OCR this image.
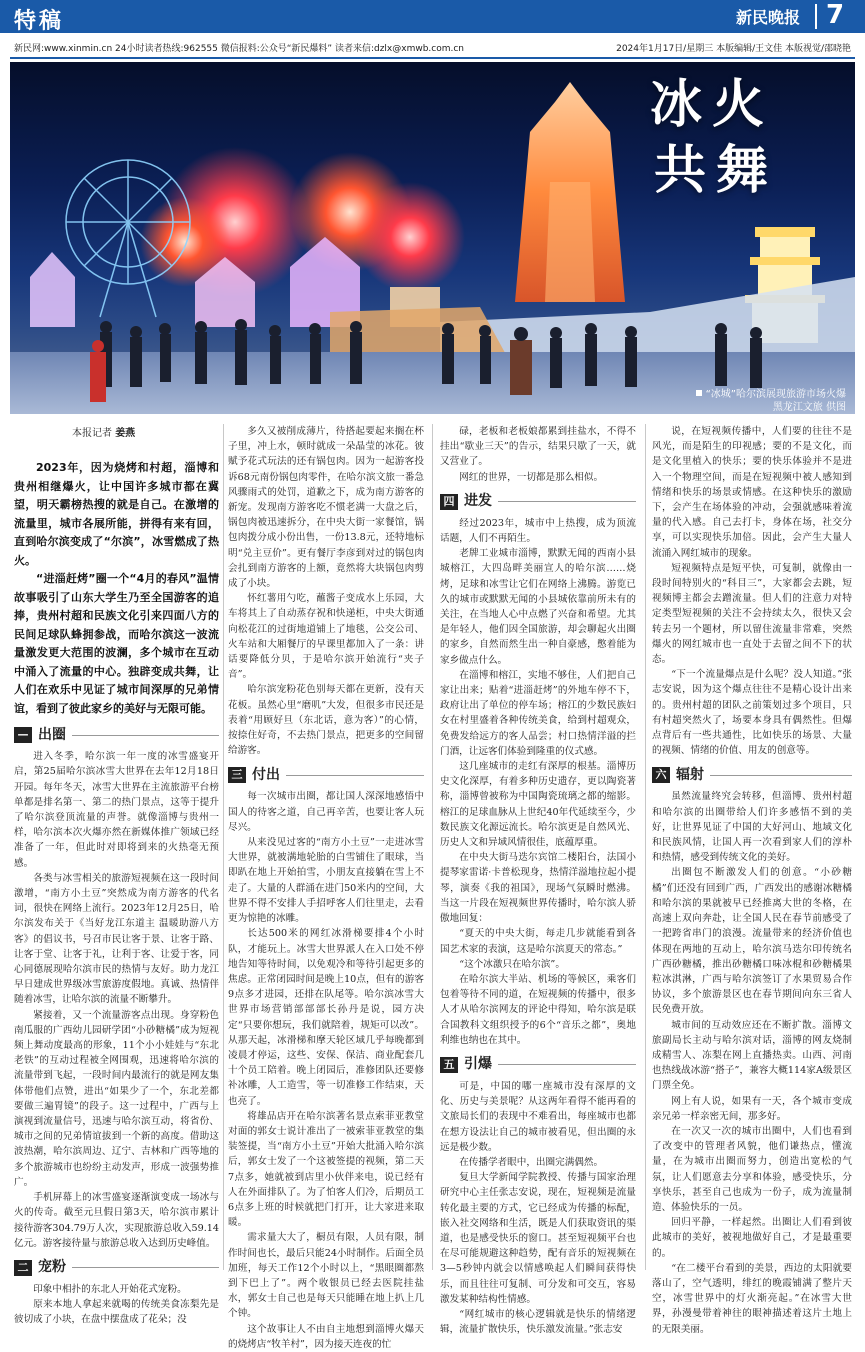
特稿	新民晚报 7
新民网:www.xinmin.cn 24小时读者热线:962555 微信报料:公众号“新民爆料” 读者来信:dzlx@xmwb.com.cn	2024年1月17日/星期三 本版编辑/王文佳 本版视觉/邵晓艳
冰火
共舞
“冰城”哈尔滨展现旅游市场火爆
黑龙江文旅 供图
本报记者 姜燕

2023年，因为烧烤和村超，淄博和贵州相继爆火，让中国许多城市都在冀望，明天霸榜热搜的就是自己。在激增的流量里，城市各展所能，拼得有来有回，直到哈尔滨变成了“尔滨”，冰雪燃成了热火。

“进淄赶烤”圈一个“4月的春风”温情故事吸引了山东大学生乃至全国游客的追捧，贵州村超和民族文化引来四面八方的民间足球队蜂拥参战，而哈尔滨这一波流量激发更大范围的波澜，多个城市在互动中涌入了流量的中心。独辟变成共舞，让人们在欢乐中见证了城市间深厚的兄弟情谊，看到了彼此家乡的美好与无限可能。

— 出圈

进入冬季，哈尔滨一年一度的冰雪盛宴开启，第25届哈尔滨冰雪大世界在去年12月18日开园。每年冬天，冰雪大世界在主流旅游平台榜单都是排名第一、第二的热门景点，这等于提升了哈尔滨登顶流量的声誉。就像淄博与贵州一样，哈尔滨本次火爆亦然在新媒体推广领域已经准备了一年，但此时对即将到来的火热毫无预感。

各类与冰雪相关的旅游短视频在这一段时间激增，“南方小土豆”突然成为南方游客的代名词，很快在网络上流行。2023年12月25日，哈尔滨发布关于《当好龙江东道主 温暖助游八方客》的倡议书，号召市民让客于景、让客于路、让客于堂、让客于礼，让利于客、让爱于客，同心同德展现哈尔滨市民的热情与友好。助力龙江早日建成世界级冰雪旅游度假地。真诚、热情伴随着冰雪，让哈尔滨的流量不断攀升。

紧接着，又一个流量游客点出现。身穿粉色南瓜服的广西幼儿园研学团“小砂糖橘”成为短视频上舞动度最高的形象，11个小小娃娃与“东北老铁”的互动过程被全网围观，迅速将哈尔滨的流量带到飞起，一段时间内最流行的就是网友集体带他们点赞，进出“如果少了一个，东北差都要做三遍胃镜”的段子。这一过程中，广西与上演视到流量信号，迅速与哈尔滨互动，将省份、城市之间的兄弟情谊拔到一个新的高度。借助这波热潮，哈尔滨周边、辽宁、吉林和广西等地的多个旅游城市也纷纷主动发声，形成一波强势推广。

手机屏幕上的冰雪盛宴逐渐演变成一场冰与火的传奇。截至元旦假日第3天，哈尔滨市累计接待游客304.79万人次，实现旅游总收入59.14亿元。游客接待量与旅游总收入达到历史峰值。

二 宠粉

印象中相扑的东北人开始花式宠粉。

原来本地人拿起来就喝的传统美食冻梨先是彼切成了小块，在盘中摆盘成了花朵；没

多久又被削成薄片，待搭起要起来搁在杯子里，冲上水，顿时就成一朵晶莹的冰花。彼赋予花式玩法的还有锅包肉。因为一起游客投诉68元南份锅包肉零件，在哈尔滨文旅一番急风骤雨式的处罚，道歉之下，成为南方游客的新宠。发现南方游客吃不惯老满一大盘之后，锅包肉被迅速拆分，在中央大街一家餐馆，锅包肉拨分成小份出售，一份13.8元，还特地标明“兑主豆价”。更有餐厅李彦到对过的锅包肉会扎到南方游客的上额，竟然将大块锅包肉剪成了小块。

怀红薯用勺吃，蘸酱子变成水上乐园，大车将其上了自动蒸存祝和快递柜，中央大街通向松花江的过街地道铺上了地毯，公交公司、火车站和大厢餐厅的早课里都加入了一条：讲话要降低分贝，于是哈尔滨开始流行“夹子音”。

哈尔滨宠粉花色别每天都在更新，没有天花板。虽然心里“磨叽”大发，但很多市民还是表着“用顾好旦（东北话，意为客）”的心情，按捺住好奇，不去热门景点，把更多的空间留给游客。

三 付出

每一次城市出圈，都让国人深深地感悟中国人的待客之道，自己再辛苦，也要让客人玩尽兴。

从来没见过客的“南方小土豆”一走进冰雪大世界，就被满地轮胎的白雪铺住了眼球，当即趴在地上开始拍雪，小朋友直接躺在雪上不走了。大量的人群涌在进门50米内的空间，大世界不得不安排人手招呼客人们往里走，去看更为惊艳的冰雕。

长达500米的网红冰滑梯要排4个小时队，才能玩上。冰雪大世界派人在入口处不停地告知等待时间，以免观冷和等待引起更多的焦虑。正常闭园时间是晚上10点，但有的游客9点多才进园，还排在队尾等。哈尔滨冰雪大世界市场营销部部部长孙丹是说，园方决定“只要你想玩，我们就陪着，规矩可以改”。从那天起，冰滑梯和摩天轮区域几乎每晚都到凌晨才停运，这些、安保、保洁、商业配套几十个员工陪着。晚上闭园后，准修团队还要修补冰雕，人工造雪，等一切准修工作结束，天也亮了。

将雄品店开在哈尔滨著名景点索菲亚教堂对面的郭女士说计准出了一被索菲亚教堂的集装签提，当“南方小土豆”开始大批涌入哈尔滨后，郭女士发了一个这被签提的视频，第二天7点多，她就被到店里小伙伴来电，说已经有人在外面排队了。为了怕客人们冷，后期员工6点多上班的时候就把门打开，让大家进来取暖。

需求量大大了，橱员有限，人员有限，制作时间也长，最后只能24小时制作。后面全员加班，每天工作12个小时以上，“黑眼圈都熬到下巴上了”。两个收银员已经去医院挂盐水，郭女士自己也是每天只能睡在地上扒上几个钟。

这个故事让人不由自主地想到淄博火爆天的烧烤店“牧羊村”，因为接天连夜的忙

碌，老板和老板娘都累到挂盐水，不得不挂出“歇业三天”的告示，结果只歇了一天，就又营业了。

网红的世界，一切都是那么相似。

四 进发

经过2023年，城市中上热搜，成为顶流话题，人们不再陌生。

老牌工业城市淄博，默默无闻的西南小县城榕江，大四岛畔美丽宣人的哈尔滨……烧烤，足球和冰雪让它们在网络上沸腾。游览已久的城市或默默无闻的小县城依靠前所未有的关注，在当地人心中点燃了兴奋和希望。尤其是年轻人，他们因全国旅游，却会聊起火出圈的家乡，自然而然生出一种自豪感，憋着能为家乡做点什么。

在淄博和榕江，实地不够住，人们把自己家让出来；贴着“进淄赶烤”的外地车停不下，政府让出了单位的停车场；榕江的少数民族妇女在村里盛着各种传统美食，给到村超观众，免费发给远方的客人品尝；村口热情洋溢的拦门酒，让远客们体验到隆重的仪式感。

这几座城市的走红有深厚的根基。淄博历史文化深厚，有着多种历史遗存，更以陶瓷著称，淄博曾被称为中国陶瓷琉璃之都的缩影。榕江的足球血脉从上世纪40年代延续至今，少数民族文化源远流长。哈尔滨更是自然风光、历史人文和异域风情很佳，底蕴厚重。

在中央大街马迭尔宾馆二楼阳台，法国小提琴家雷诺·卡普松现身，热情洋溢地拉起小提琴，演奏《我的祖国》，现场气氛瞬时燃沸。当这一片段在短视频世界传播时，哈尔滨人骄傲地回复：

“夏天的中央大街，每走几步就能看到各国艺术家的表演，这是哈尔滨夏天的常态。”

“这个冰激只在哈尔滨”。

在哈尔滨大半站、机场的等候区，乘客们包着等待不同的道，在短视频的传播中，很多人才从哈尔滨网友的评论中得知，哈尔滨是联合国教科文组织授予的6个“音乐之都”，奥地利维也纳也在其中。

五 引爆

可是，中国的哪一座城市没有深厚的文化、历史与美景呢？从这两年看得不能再看的文旅局长们的表现中不难看出，每座城市也都在想方设法让自己的城市被看见，但出圈的永远是极少数。

在传播学者眼中，出圈完满偶然。

复旦大学新闻学院教授、传播与国家治理研究中心主任张志安说，现在，短视频是流量转化最主要的方式，它已经成为传播的标配，嵌入社交网络和生活，既是人们获取资讯的渠道，也是感受快乐的窗口。甚至短视频平台也在尽可能规避这种趋势，配有音乐的短视频在3—5秒钟内就会以情感唤起人们瞬间获得快乐，而且往往可复制、可分发和可交互，容易激发某种结构性情感。

“网红城市的核心逻辑就是快乐的情绪逻辑，流量扩散快乐，快乐激发流量。”张志安

说，在短视频传播中，人们要的往往不是风光，而是陌生的印视感；要的不是文化，而是文化里植入的快乐；要的快乐体验并不是进入一个物理空间，而是在短视频中被人感知到情绪和快乐的场景或情感。在这种快乐的激励下，会产生在场体验的冲动，会强就感味着流量的代入感。自己去打卡，身体在场，社交分享，可以实现快乐加倍。因此，会产生大量人流涌入网红城市的现象。

短视频特点是短平快，可复制，就像由一段时间特别火的“科目三”，大家都会去跳，短视频博主都会去蹭流量。但人们的注意力对特定类型短视频的关注不会持续太久，很快又会转去另一个题材，所以留住流量非常难，突然爆火的网红城市也一直处于去留之间不下的状态。

“下一个流量爆点是什么呢？没人知道。”张志安说，因为这个爆点往往不是精心设计出来的。贵州村超的团队之前策划过多个项目，只有村超突然火了，场要本身具有偶然性。但爆点背后有一些共通性，比如快乐的场景、大量的视频、情绪的价值、用友的创意等。

六 辐射

虽然流量终究会转移，但淄博、贵州村超和哈尔滨的出圈带给人们许多感悟不到的美好，让世界见证了中国的大好河山、地域文化和民族风情，让国人再一次看到家人们的淳朴和热情，感受到传统文化的美好。

出圈包不断激发人们的创意。“小砂糖橘”们还没有回到广西，广西发出的感谢冰糖橘和哈尔滨的果就被早已经推离大世的冬格，在高速上双向奔赴，让全国人民在春节前感受了一把跨省串门的浪漫。流量带来的经济价值也体现在两地的互动上，哈尔滨马迭尔印传统名广西砂糖橘，推出砂糖橘口味冰棍和砂糖橘果粒冰淇淋，广西与哈尔滨签订了水果贸易合作协议，多个旅游景区也在春节期间向东三省人民免费开放。

城市间的互动效应还在不断扩散。淄博文旅副局长主动与哈尔滨对话，淄博的网友烧制成精雪人、冻梨在网上直播热卖。山西、河南也热线战冰游“搭子”，兼容大概114家A级景区门票全免。

网上有人说，如果有一天，各个城市变成亲兄弟一样亲密无间，那多好。

在一次又一次的城市出圈中，人们也看到了改变中的管理者风貌，他们谦热点，懂流量，在为城市出圈而努力，创造出宽松的气氛，让人们愿意去分享和体验，感受快乐，分享快乐，甚至自己也成为一份子，成为流量制造、体验快乐的一员。

回归平静，一样起然。出圈让人们看到彼此城市的美好，被视地做好自己，才是最重要的。

“在二楼平台看到的美景，西边的太阳就要落山了，空气透明，绯红的晚霞铺满了整片天空，冰雪世界中的灯火渐亮起。”在冰雪大世界，孙漫曼带着神往的眼神描述着这片土地上的无限美丽。
